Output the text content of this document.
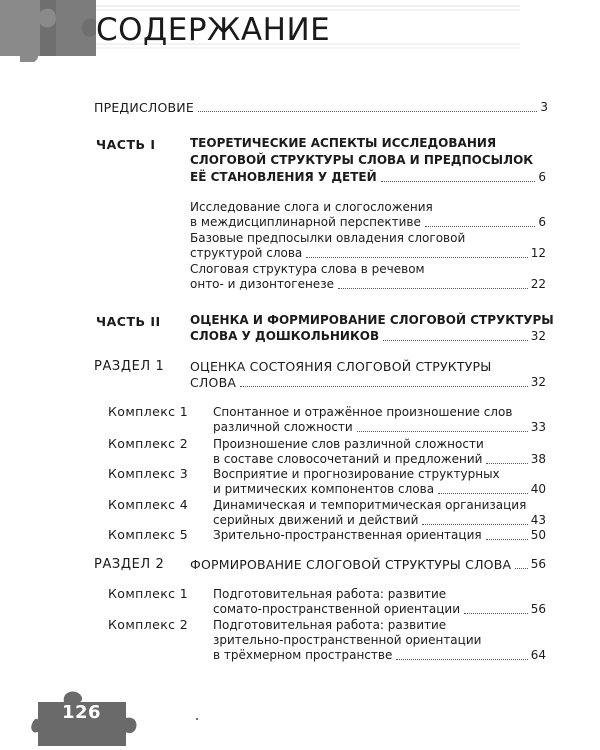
СОДЕРЖАНИЕ
ПРЕДИСЛОВИЕ	3
ЧАСТЬ I	ТЕОРЕТИЧЕСКИЕ АСПЕКТЫ ИССЛЕДОВАНИЯ
СЛОГОВОЙ СТРУКТУРЫ СЛОВА И ПРЕДПОСЫЛОК
ЕЁ СТАНОВЛЕНИЯ У ДЕТЕЙ	6
Исследование слога и слогосложения
в междисциплинарной перспективе	6
Базовые предпосылки овладения слоговой
структурой слова	12
Слоговая структура слова в речевом
онто- и дизонтогенезе	22
ЧАСТЬ II ОЦЕНКА И ФОРМИРОВАНИЕ СЛОГОВОЙ СТРУКТУРЫ
СЛОВА У ДОШКОЛЬНИКОВ	32
РАЗДЕЛ 1 ОЦЕНКА СОСТОЯНИЯ СЛОГОВОЙ СТРУКТУРЫ
СЛОВА	32
Комплекс 1 Спонтанное и отражённое произношение слов
различной сложности	33
Комплекс 2 Произношение слов различной сложности
в составе словосочетаний и предложений	38
Комплекс 3 Восприятие и прогнозирование структурных
и ритмических компонентов слова	40
Комплекс 4 Динамическая и темпоритмическая организация
серийных движений и действий	43
Комплекс 5 Зрительно-пространственная ориентация	50
РАЗДЕЛ 2 ФОРМИРОВАНИЕ СЛОГОВОЙ СТРУКТУРЫ СЛОВА 56
Комплекс 1 Подготовительная работа: развитие
сомато-пространственной ориентации	56
Комплекс 2 Подготовительная работа: развитие
зрительно-пространственной ориентации
в трёхмерном пространстве	64
126
